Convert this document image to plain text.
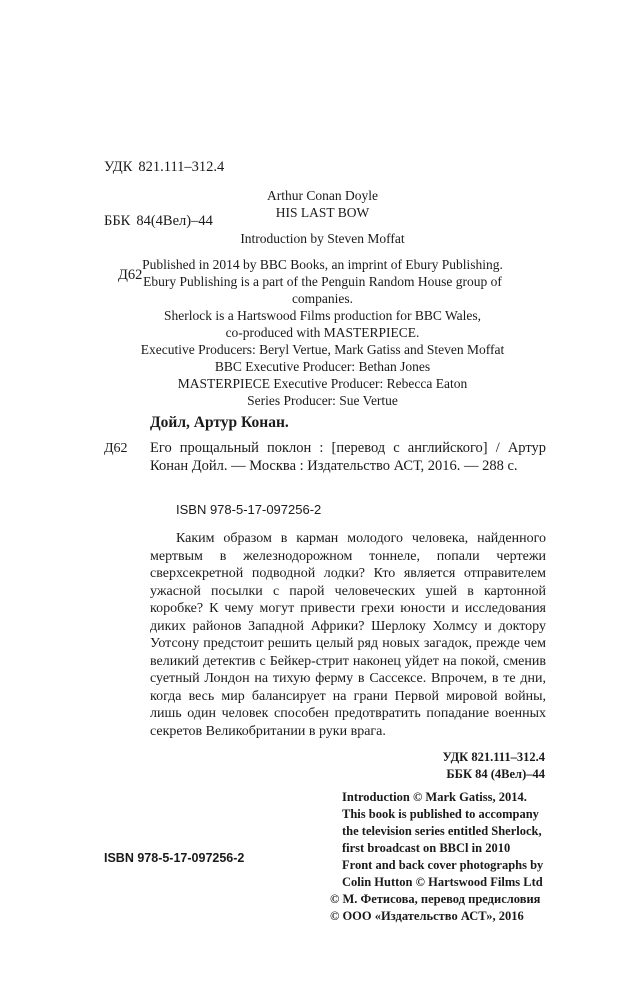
УДК 821.111–312.4

ББК 84(4Вел)–44

Д62

Arthur Conan Doyle
HIS LAST BOW
Introduction by Steven Moffat
Published in 2014 by BBC Books, an imprint of Ebury Publishing.
Ebury Publishing is a part of the Penguin Random House group of
companies.
Sherlock is a Hartswood Films production for BBC Wales,
co-produced with MASTERPIECE.
Executive Producers: Beryl Vertue, Mark Gatiss and Steven Moffat
BBC Executive Producer: Bethan Jones
MASTERPIECE Executive Producer: Rebecca Eaton
Series Producer: Sue Vertue
Дойл, Артур Конан.
Д62 Его прощальный поклон : [перевод с английского] / Артур Конан Дойл. — Москва : Издательство АСТ, 2016. — 288 с.
ISBN 978-5-17-097256-2

Каким образом в карман молодого человека, найденного мертвым в железнодорожном тоннеле, попали чертежи сверхсекретной подводной лодки? Кто является отправителем ужасной посылки с парой человеческих ушей в картонной коробке? К чему могут привести грехи юности и исследования диких районов Западной Африки? Шерлоку Холмсу и доктору Уотсону предстоит решить целый ряд новых загадок, прежде чем великий детектив с Бейкер-стрит наконец уйдет на покой, сменив суетный Лондон на тихую ферму в Сассексе. Впрочем, в те дни, когда весь мир балансирует на грани Первой мировой войны, лишь один человек способен предотвратить попадание военных секретов Великобритании в руки врага.

УДК 821.111–312.4
ББК 84 (4Вел)–44
Introduction © Mark Gatiss, 2014.
This book is published to accompany
the television series entitled Sherlock,
first broadcast on BBCl in 2010
Front and back cover photographs by
Colin Hutton © Hartswood Films Ltd
© М. Фетисова, перевод предисловия
© ООО «Издательство АСТ», 2016
ISBN 978-5-17-097256-2
